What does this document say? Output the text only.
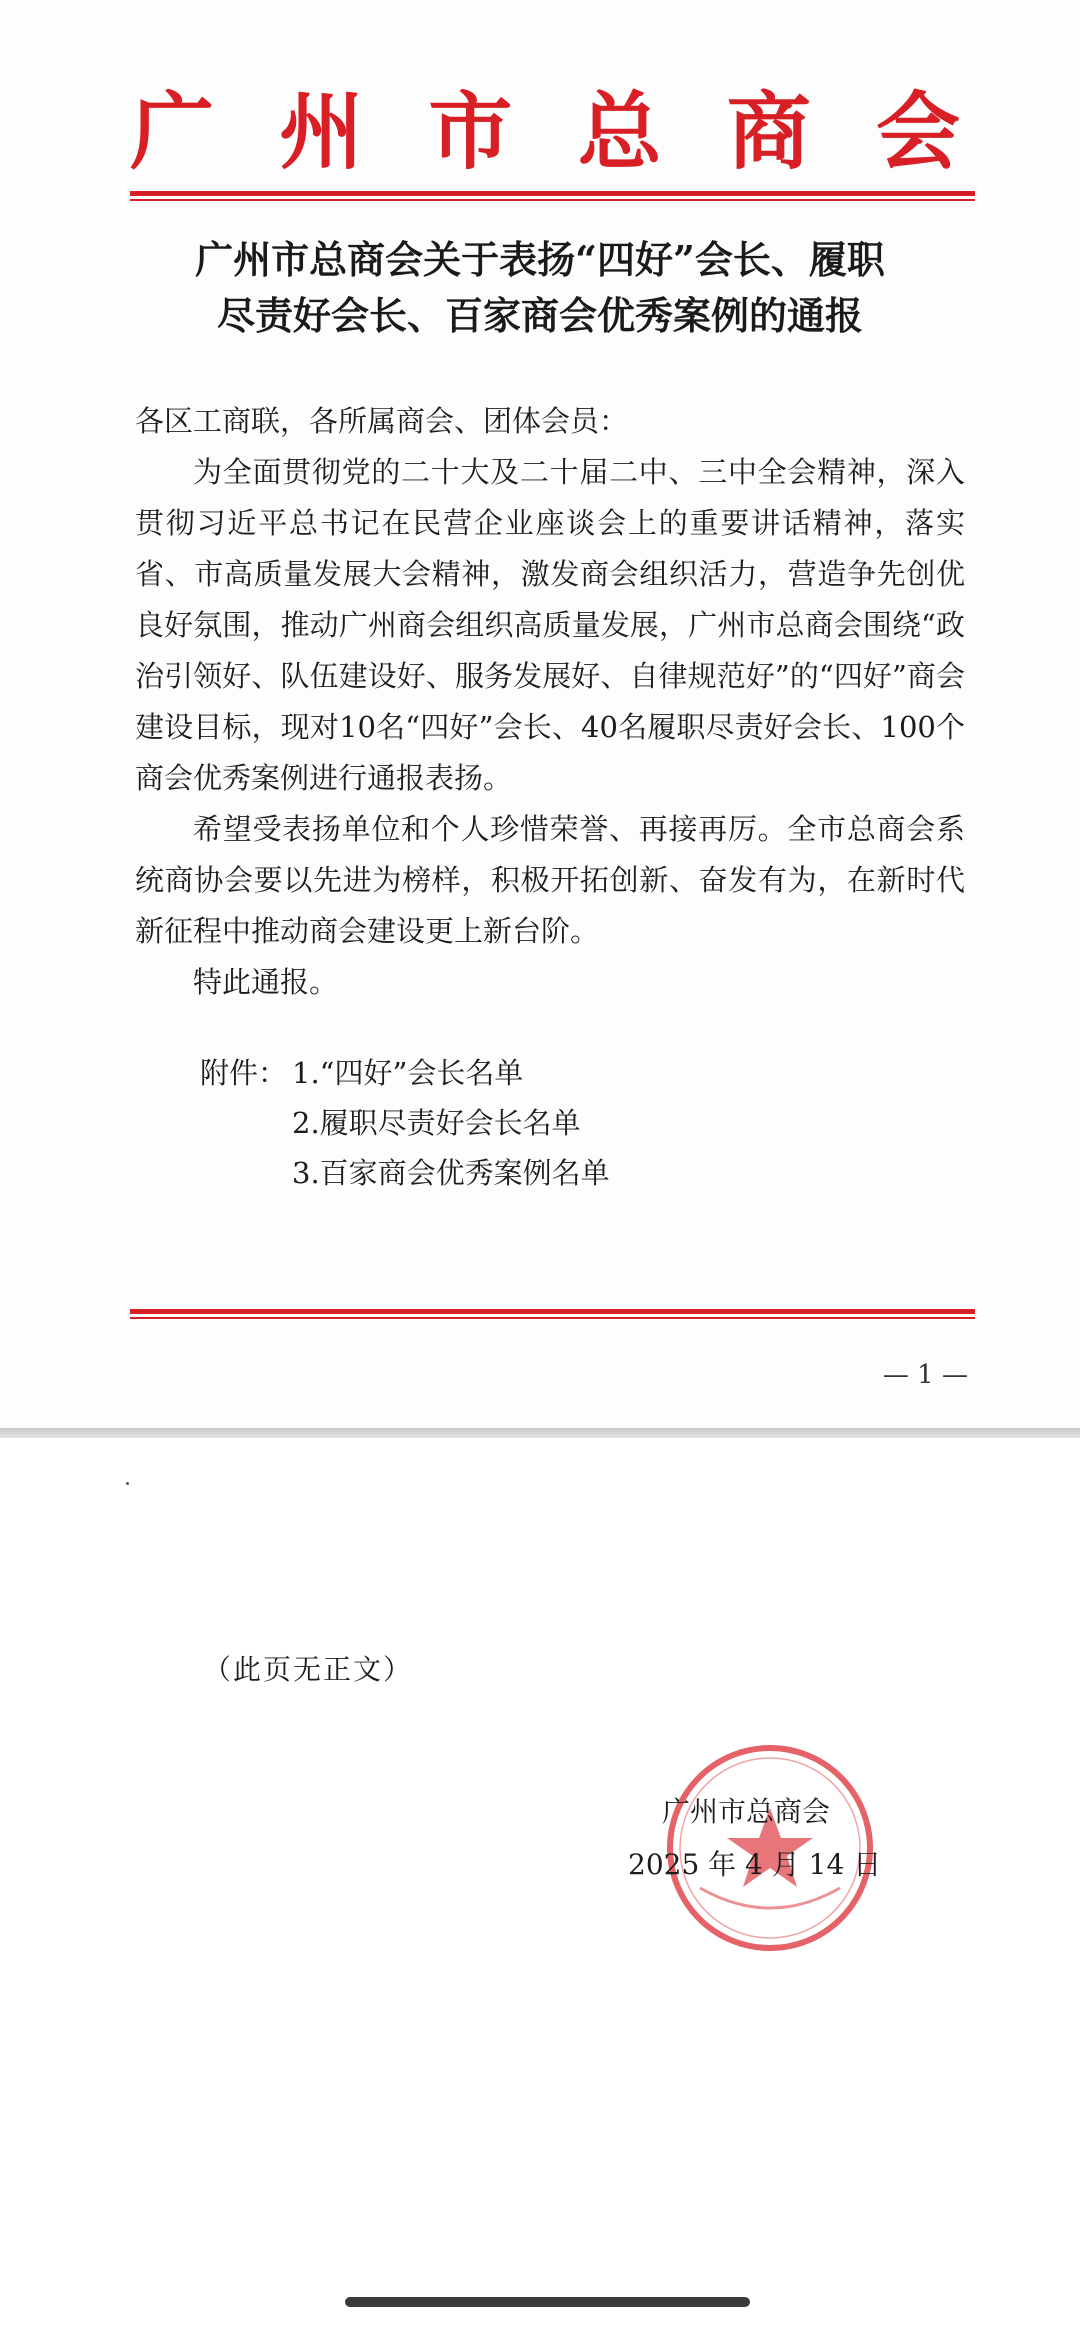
广 州 市 总 商 会
广州市总商会关于表扬“四好”会长、履职
尽责好会长、百家商会优秀案例的通报

各区工商联，各所属商会、团体会员：

为全面贯彻党的二十大及二十届二中、三中全会精神，深入贯彻习近平总书记在民营企业座谈会上的重要讲话精神，落实省、市高质量发展大会精神，激发商会组织活力，营造争先创优良好氛围，推动广州商会组织高质量发展，广州市总商会围绕“政治引领好、队伍建设好、服务发展好、自律规范好”的“四好”商会建设目标，现对10名“四好”会长、40名履职尽责好会长、100个商会优秀案例进行通报表扬。

希望受表扬单位和个人珍惜荣誉、再接再厉。全市总商会系统商协会要以先进为榜样，积极开拓创新、奋发有为，在新时代新征程中推动商会建设更上新台阶。

特此通报。

附件： 1.“四好”会长名单
2.履职尽责好会长名单
3.百家商会优秀案例名单
— 1 —
（此页无正文）
广州市总商会
2025 年 4 月 14 日
